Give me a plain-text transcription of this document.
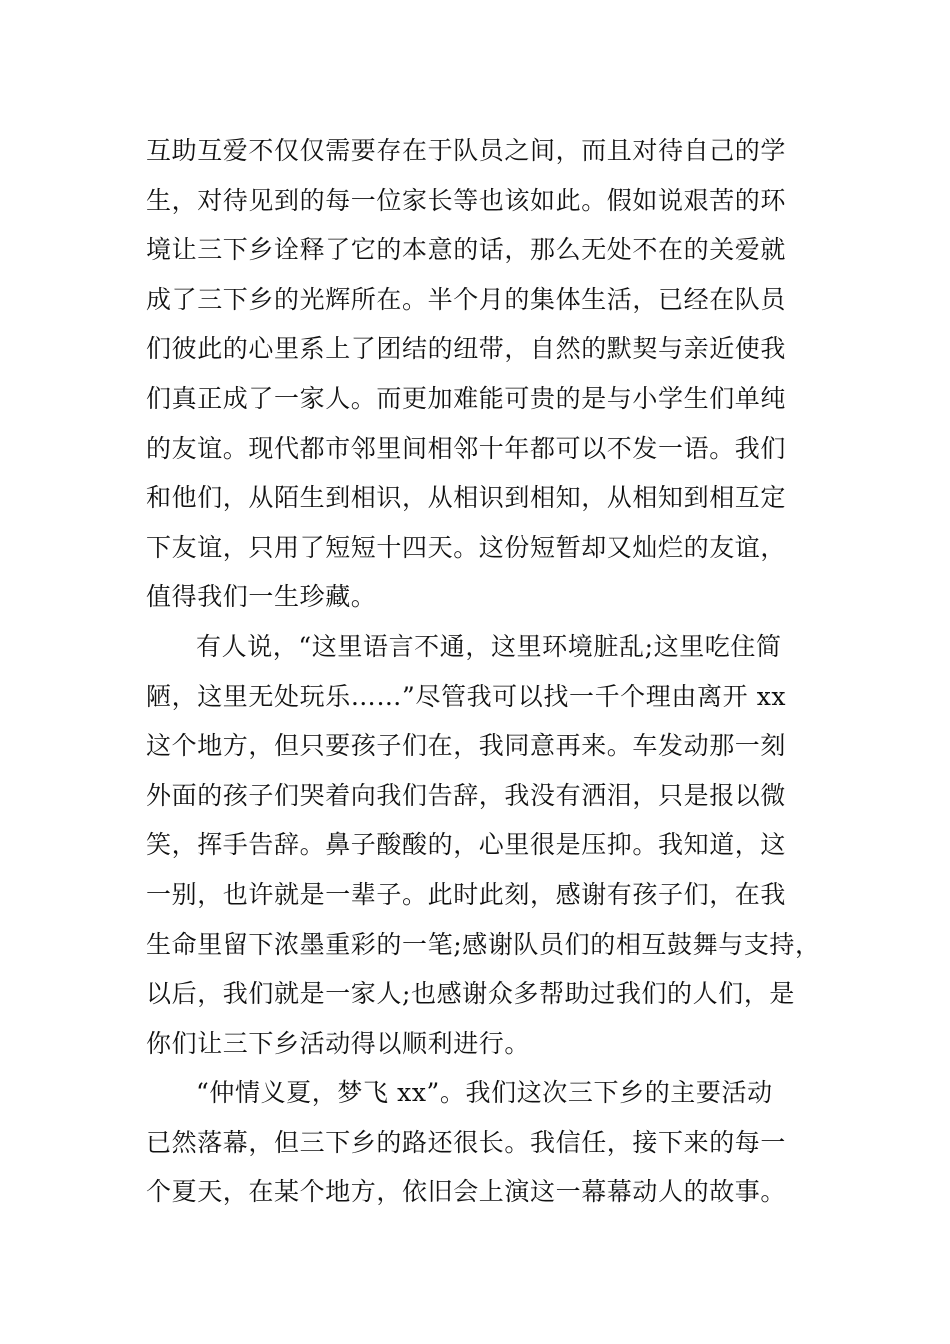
互助互爱不仅仅需要存在于队员之间，而且对待自己的学
生，对待见到的每一位家长等也该如此。假如说艰苦的环
境让三下乡诠释了它的本意的话，那么无处不在的关爱就
成了三下乡的光辉所在。半个月的集体生活，已经在队员
们彼此的心里系上了团结的纽带，自然的默契与亲近使我
们真正成了一家人。而更加难能可贵的是与小学生们单纯
的友谊。现代都市邻里间相邻十年都可以不发一语。我们
和他们，从陌生到相识，从相识到相知，从相知到相互定
下友谊，只用了短短十四天。这份短暂却又灿烂的友谊，
值得我们一生珍藏。
有人说，“这里语言不通，这里环境脏乱;这里吃住简
陋，这里无处玩乐……”尽管我可以找一千个理由离开 xx
这个地方，但只要孩子们在，我同意再来。车发动那一刻
外面的孩子们哭着向我们告辞，我没有洒泪，只是报以微
笑，挥手告辞。鼻子酸酸的，心里很是压抑。我知道，这
一别，也许就是一辈子。此时此刻，感谢有孩子们，在我
生命里留下浓墨重彩的一笔;感谢队员们的相互鼓舞与支持，
以后，我们就是一家人;也感谢众多帮助过我们的人们，是
你们让三下乡活动得以顺利进行。
“仲情义夏，梦飞 xx”。我们这次三下乡的主要活动
已然落幕，但三下乡的路还很长。我信任，接下来的每一
个夏天，在某个地方，依旧会上演这一幕幕动人的故事。
